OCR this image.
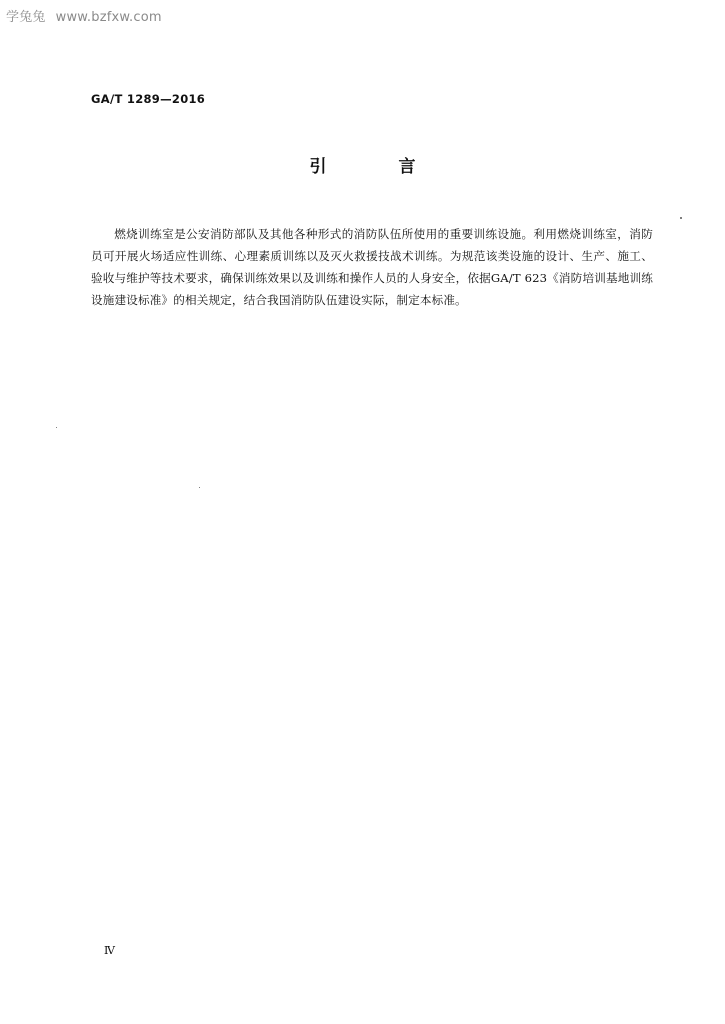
学兔兔 www.bzfxw.com
GA/T 1289—2016
引	言

燃烧训练室是公安消防部队及其他各种形式的消防队伍所使用的重要训练设施。利用燃烧训练室，消防员可开展火场适应性训练、心理素质训练以及灭火救援技战术训练。为规范该类设施的设计、生产、施工、验收与维护等技术要求，确保训练效果以及训练和操作人员的人身安全，依据GA/T 623《消防培训基地训练设施建设标准》的相关规定，结合我国消防队伍建设实际，制定本标准。

Ⅳ
